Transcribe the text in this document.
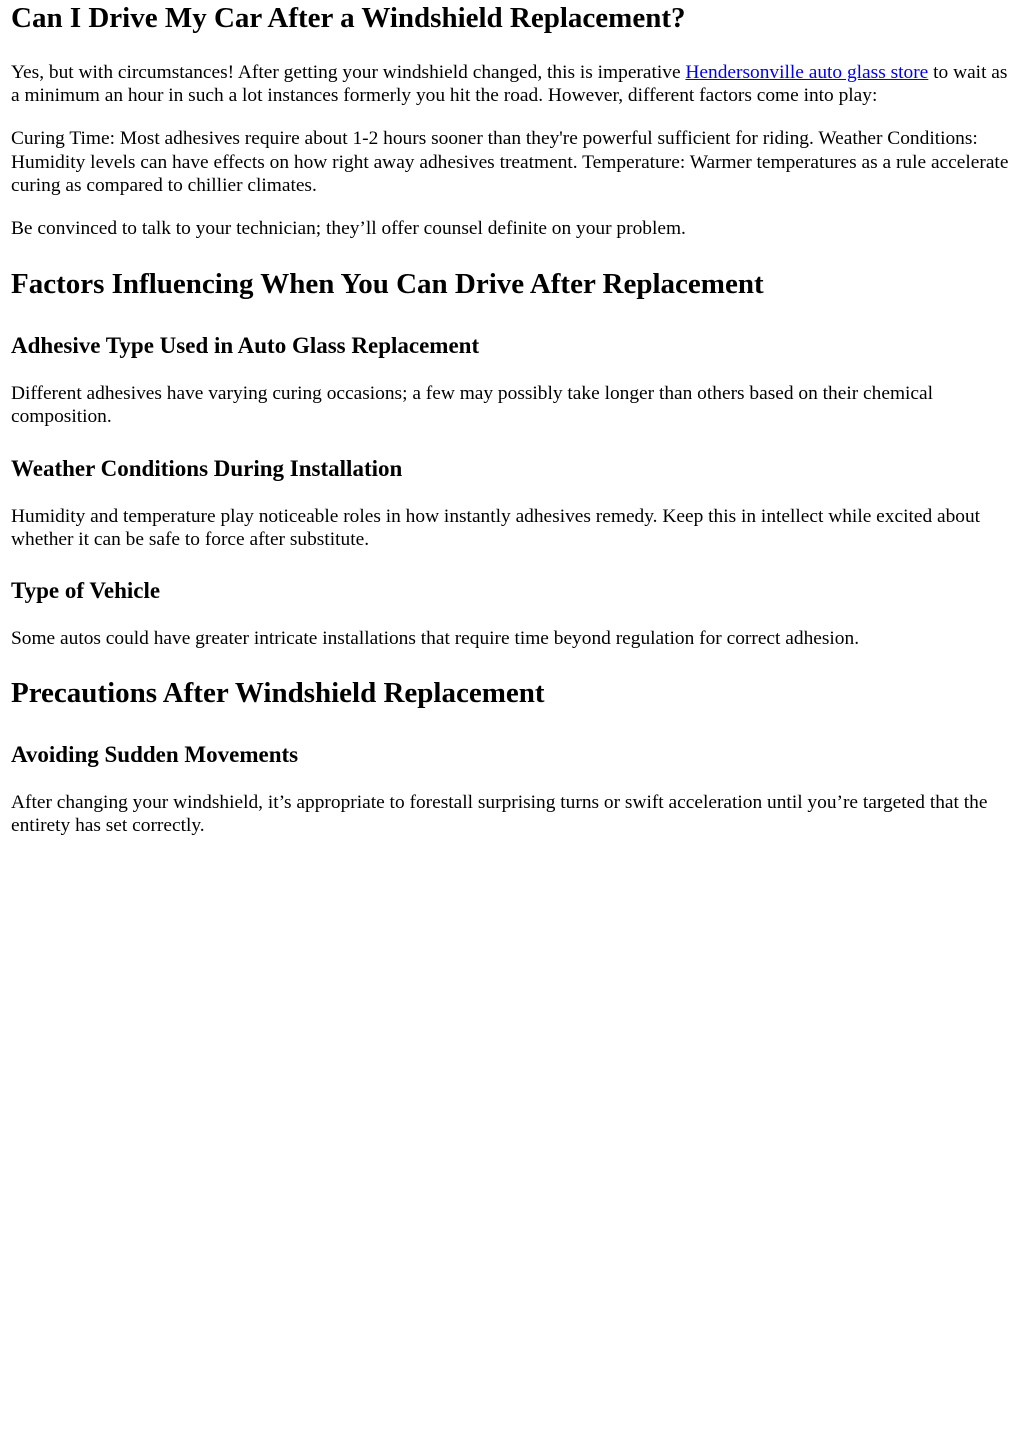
Can I Drive My Car After a Windshield Replacement?

Yes, but with circumstances! After getting your windshield changed, this is imperative Hendersonville auto glass store to wait as a minimum an hour in such a lot instances formerly you hit the road. However, different factors come into play:

Curing Time: Most adhesives require about 1-2 hours sooner than they're powerful sufficient for riding. Weather Conditions: Humidity levels can have effects on how right away adhesives treatment. Temperature: Warmer temperatures as a rule accelerate curing as compared to chillier climates.

Be convinced to talk to your technician; they’ll offer counsel definite on your problem.

Factors Influencing When You Can Drive After Replacement
Adhesive Type Used in Auto Glass Replacement

Different adhesives have varying curing occasions; a few may possibly take longer than others based on their chemical composition.

Weather Conditions During Installation

Humidity and temperature play noticeable roles in how instantly adhesives remedy. Keep this in intellect while excited about whether it can be safe to force after substitute.

Type of Vehicle

Some autos could have greater intricate installations that require time beyond regulation for correct adhesion.

Precautions After Windshield Replacement
Avoiding Sudden Movements

After changing your windshield, it’s appropriate to forestall surprising turns or swift acceleration until you’re targeted that the entirety has set correctly.
